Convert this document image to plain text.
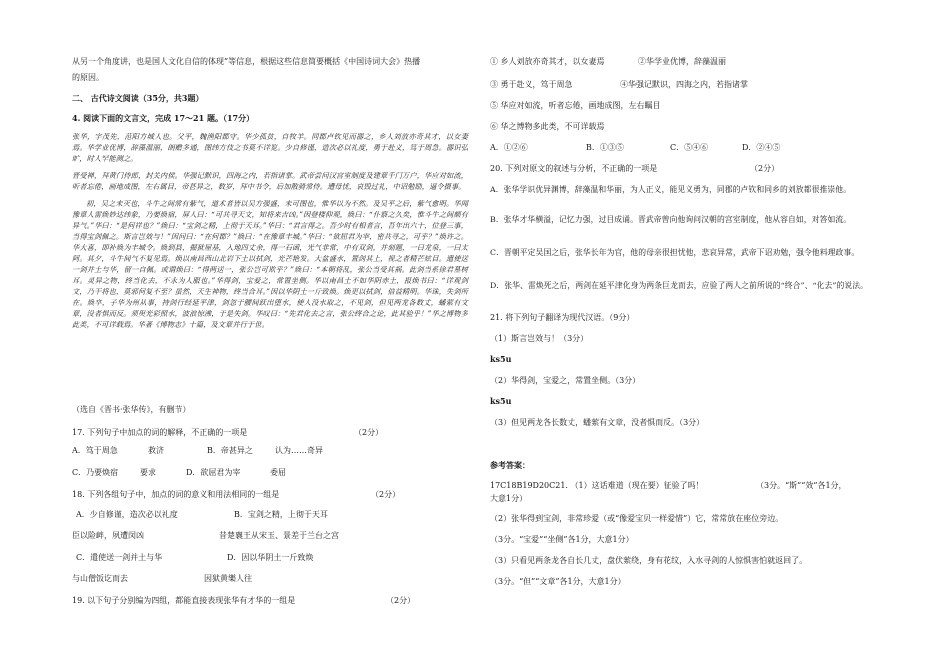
从另一个角度讲，也是国人文化自信的体现”等信息，根据这些信息简要概括《中国诗词大会》热播
的原因。
二、 古代诗文阅读（35分，共3题）
4. 阅读下面的文言文，完成 17～21 题。（17分）

张华，字茂先，范阳方城人也。父平，魏渔阳郡守。华少孤贫，自牧羊。同郡卢钦见而器之，乡人刘放亦奇其才，以女妻焉。华学业优博，辞藻温丽，朗赡多通，图纬方伎之书莫不详览。少自修谨，造次必以礼度，勇于赴义，笃于周急。器识弘旷，时人罕能测之。

晋受禅，拜黄门侍郎，封关内侯。华强记默识，四海之内，若指诸掌。武帝尝问汉宫室制度及建章千门万户，华应对如流，听者忘倦，画地成图，左右属目，帝甚异之，数岁，拜中书令，后加散骑常侍。遭母忧，哀毁过礼，中诏勉励，逼令摄事。

初，吴之未灭也，斗牛之间常有紫气，道术者皆以吴方强盛，未可图也，惟华以为不然。及吴平之后，紫气愈明。华闻豫章人雷焕妙达纬象，乃要焕宿，屏人曰：“可共寻天文，知将来吉凶。”因登楼仰观，焕曰：“仆察之久矣，惟斗牛之间颇有异气。”华曰：“是何祥也？”焕曰：“宝剑之精，上彻于天耳。”华曰：“君言得之。吾少时有相者言，吾年出六十，位登三事，当得宝剑佩之。斯言岂效与！”因问曰：“在何郡？”焕曰：“在豫章丰城。”华曰：“欲屈君为宰，密共寻之，可乎？”焕许之。华大喜，即补焕为丰城令。焕到县，掘狱屋基，入地四丈余，得一石函，光气非常，中有双剑，并刻题，一曰龙泉，一曰太阿。其夕，斗牛间气不复见焉。焕以南昌西山北岩下土以拭剑，光芒艳发。大盆盛水，置剑其上，视之者精芒炫目。遣使送一剑并土与华，留一自佩。或谓焕曰：“得两送一，张公岂可欺乎？”焕曰：“本朝将乱，张公当受其祸。此剑当系徐君墓树耳。灵异之物，终当化去，不永为人服也。”华得剑，宝爱之，常置坐侧。华以南昌土不如华阴赤土，报焕书曰：“详观剑文，乃干将也，莫邪何复不至？虽然，天生神物，终当合耳。”因以华阴土一斤致焕。焕更以拭剑，倍益精明。华诛，失剑所在。焕卒，子华为州从事，持剑行经延平津，剑忽于腰间跃出堕水，使人没水取之，不见剑，但见两龙各数丈，蟠萦有文章，没者惧而反。须臾光彩照水，波浪惊沸，于是失剑。华叹曰：“先君化去之言，张公终合之论，此其验乎！”华之博物多此类，不可详载焉。华著《博物志》十篇，及文章并行于世。

（选自《晋书·张华传》，有删节）
17. 下列句子中加点的词的解释，不正确的一项是	（2分）
A．笃于周急	救济	B．帝甚异之	认为……奇异
C．乃要焕宿	要求	D．欲屈君为宰	委屈
18. 下列各组句子中，加点的词的意义和用法相同的一组是	（2分）
A．少自修谨，造次必以礼度	B．宝剑之精，上彻于天耳
臣以险衅，夙遭闵凶	昔楚襄王从宋玉、景差于兰台之宫
C．遣使送一剑并土与华	D．因以华阴土一斤致焕
与山僧饭讫而去	因狱黄樂人往
19. 以下句子分别编为四组，都能直接表现张华有才华的一组是	（2分）
① 乡人刘放亦奇其才，以女妻焉	②华学业优博，辞藻温丽
③ 勇于赴义，笃于周急	④华强记默识，四海之内，若指诸掌
⑤ 华应对如流，听者忘倦，画地成图，左右瞩目
⑥ 华之博物多此类，不可详载焉
A．①②⑥	B．①③⑤	C．⑤④⑥	D．②④⑤
20. 下列对原文的叙述与分析，不正确的一项是	（2分）
A．张华学识优异渊博，辞藻温和华丽，为人正义，能见义勇为，同郡的卢钦和同乡的刘放都很推崇他。
B．张华才华横溢，记忆力强，过目成诵。晋武帝曾向他询问汉朝的宫室制度，他从容自如，对答如流。
C．晋朝平定吴国之后，张华长年为官，他的母亲很担忧他，悲哀异常，武帝下诏劝勉，强令他料理政事。
D．张华、雷焕死之后，两剑在延平津化身为两条巨龙而去，应验了两人之前所说的“终合”、“化去”的说法。
21. 将下列句子翻译为现代汉语。（9分）
（1）斯言岂效与！（3分）
ks5u
（2）华得剑，宝爱之，常置坐侧。（3分）
ks5u
（3）但见两龙各长数丈，蟠萦有文章，没者惧而反。（3分）
参考答案：
17C18B19D20C21. （1）这话难道（现在要）征验了吗！	（3分。“斯”“效”各1分，
大意1分）
（2）张华得到宝剑，非常珍爱（或“像爱宝贝一样爱惜”）它，常常放在座位旁边。
（3分。“宝爱”“坐侧”各1分，大意1分）
（3）只看见两条龙各自长几丈，盘伏萦绕，身有花纹，入水寻剑的人惊惧害怕就返回了。
（3分。“但”“文章”各1分，大意1分）
